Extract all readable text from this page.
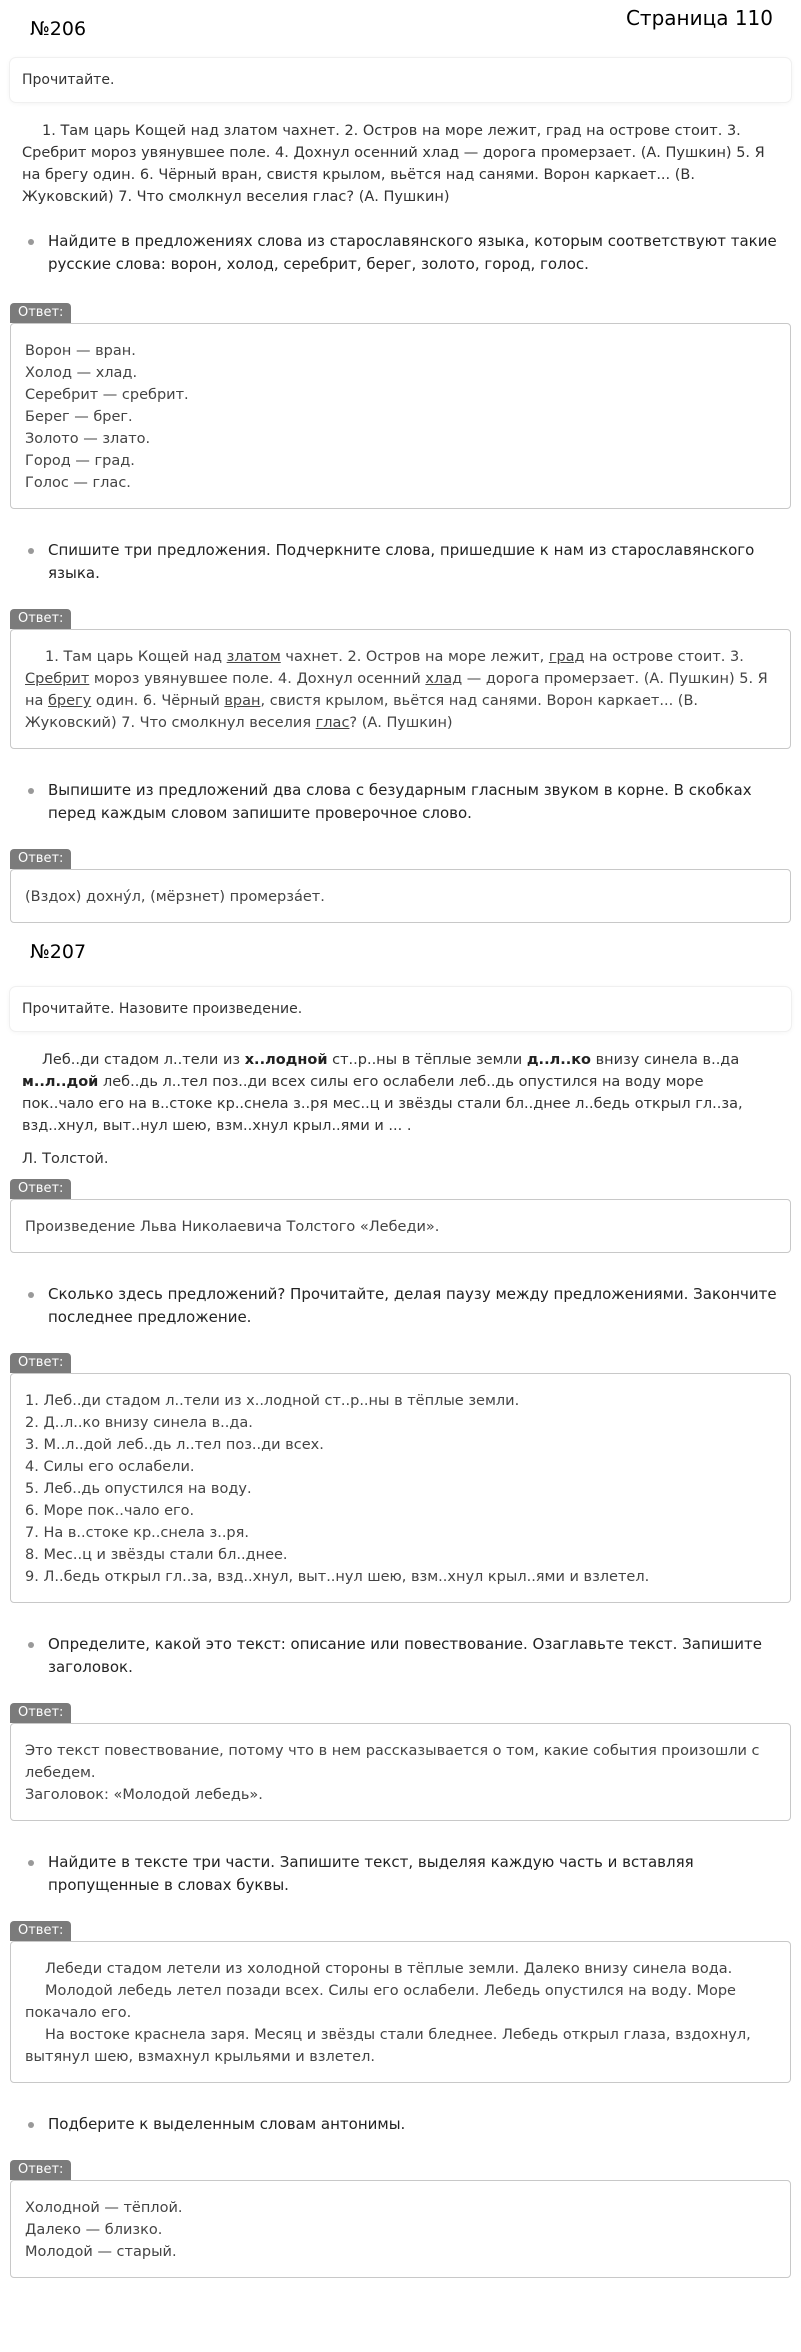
Страница 110
№206
Прочитайте.
1. Там царь Кощей над златом чахнет. 2. Остров на море лежит, град на острове стоит. 3. Сребрит мороз увянувшее поле. 4. Дохнул осенний хлад — дорога промерзает. (А. Пушкин) 5. Я на брегу один. 6. Чёрный вран, свистя крылом, вьётся над санями. Ворон каркает... (В. Жуковский) 7. Что смолкнул веселия глас? (А. Пушкин)
Найдите в предложениях слова из старославянского языка, которым соответствуют такие русские слова: ворон, холод, серебрит, берег, золото, город, голос.
Ответ:
Ворон — вран.
Холод — хлад.
Серебрит — сребрит.
Берег — брег.
Золото — злато.
Город — град.
Голос — глас.
Спишите три предложения. Подчеркните слова, пришедшие к нам из старославянского языка.
Ответ:
1. Там царь Кощей над златом чахнет. 2. Остров на море лежит, град на острове стоит. 3. Сребрит мороз увянувшее поле. 4. Дохнул осенний хлад — дорога промерзает. (А. Пушкин) 5. Я на брегу один. 6. Чёрный вран, свистя крылом, вьётся над санями. Ворон каркает... (В. Жуковский) 7. Что смолкнул веселия глас? (А. Пушкин)
Выпишите из предложений два слова с безударным гласным звуком в корне. В скобках перед каждым словом запишите проверочное слово.
Ответ:
(Вздох) дохну́л, (мёрзнет) промерза́ет.
№207
Прочитайте. Назовите произведение.
Леб..ди стадом л..тели из х..лодной ст..р..ны в тёплые земли д..л..ко внизу синела в..да м..л..дой леб..дь л..тел поз..ди всех силы его ослабели леб..дь опустился на воду море пок..чало его на в..стоке кр..снела з..ря мес..ц и звёзды стали бл..днее л..бедь открыл гл..за, взд..хнул, выт..нул шею, взм..хнул крыл..ями и ... .
Л. Толстой.
Ответ:
Произведение Льва Николаевича Толстого «Лебеди».
Сколько здесь предложений? Прочитайте, делая паузу между предложениями. Закончите последнее предложение.
Ответ:
1. Леб..ди стадом л..тели из х..лодной ст..р..ны в тёплые земли.
2. Д..л..ко внизу синела в..да.
3. М..л..дой леб..дь л..тел поз..ди всех.
4. Силы его ослабели.
5. Леб..дь опустился на воду.
6. Море пок..чало его.
7. На в..стоке кр..снела з..ря.
8. Мес..ц и звёзды стали бл..днее.
9. Л..бедь открыл гл..за, взд..хнул, выт..нул шею, взм..хнул крыл..ями и взлетел.
Определите, какой это текст: описание или повествование. Озаглавьте текст. Запишите заголовок.
Ответ:
Это текст повествование, потому что в нем рассказывается о том, какие события произошли с лебедем.
Заголовок: «Молодой лебедь».
Найдите в тексте три части. Запишите текст, выделяя каждую часть и вставляя пропущенные в словах буквы.
Ответ:
Лебеди стадом летели из холодной стороны в тёплые земли. Далеко внизу синела вода.
Молодой лебедь летел позади всех. Силы его ослабели. Лебедь опустился на воду. Море покачало его.
На востоке краснела заря. Месяц и звёзды стали бледнее. Лебедь открыл глаза, вздохнул, вытянул шею, взмахнул крыльями и взлетел.
Подберите к выделенным словам антонимы.
Ответ:
Холодной — тёплой.
Далеко — близко.
Молодой — старый.
